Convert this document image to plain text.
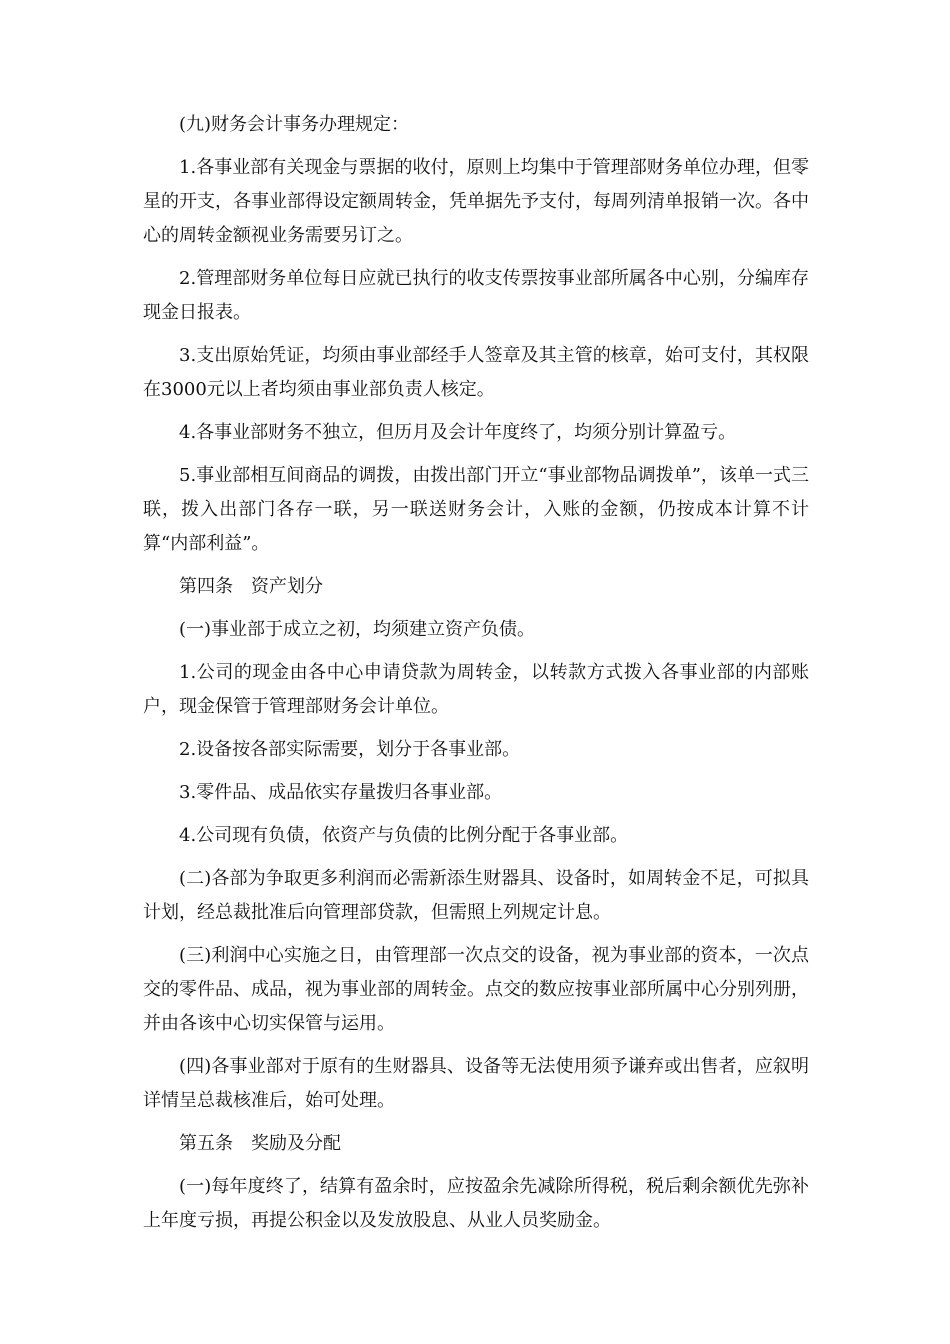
(九)财务会计事务办理规定：

1.各事业部有关现金与票据的收付，原则上均集中于管理部财务单位办理，但零星的开支，各事业部得设定额周转金，凭单据先予支付，每周列清单报销一次。各中心的周转金额视业务需要另订之。

2.管理部财务单位每日应就已执行的收支传票按事业部所属各中心别，分编库存现金日报表。

3.支出原始凭证，均须由事业部经手人签章及其主管的核章，始可支付，其权限在3000元以上者均须由事业部负责人核定。

4.各事业部财务不独立，但历月及会计年度终了，均须分别计算盈亏。

5.事业部相互间商品的调拨，由拨出部门开立“事业部物品调拨单”，该单一式三联，拨入出部门各存一联，另一联送财务会计，入账的金额，仍按成本计算不计算“内部利益”。

第四条　资产划分

(一)事业部于成立之初，均须建立资产负债。

1.公司的现金由各中心申请贷款为周转金，以转款方式拨入各事业部的内部账户，现金保管于管理部财务会计单位。

2.设备按各部实际需要，划分于各事业部。

3.零件品、成品依实存量拨归各事业部。

4.公司现有负债，依资产与负债的比例分配于各事业部。

(二)各部为争取更多利润而必需新添生财器具、设备时，如周转金不足，可拟具计划，经总裁批准后向管理部贷款，但需照上列规定计息。

(三)利润中心实施之日，由管理部一次点交的设备，视为事业部的资本，一次点交的零件品、成品，视为事业部的周转金。点交的数应按事业部所属中心分别列册，并由各该中心切实保管与运用。

(四)各事业部对于原有的生财器具、设备等无法使用须予谦弃或出售者，应叙明详情呈总裁核准后，始可处理。

第五条　奖励及分配

(一)每年度终了，结算有盈余时，应按盈余先减除所得税，税后剩余额优先弥补上年度亏损，再提公积金以及发放股息、从业人员奖励金。
